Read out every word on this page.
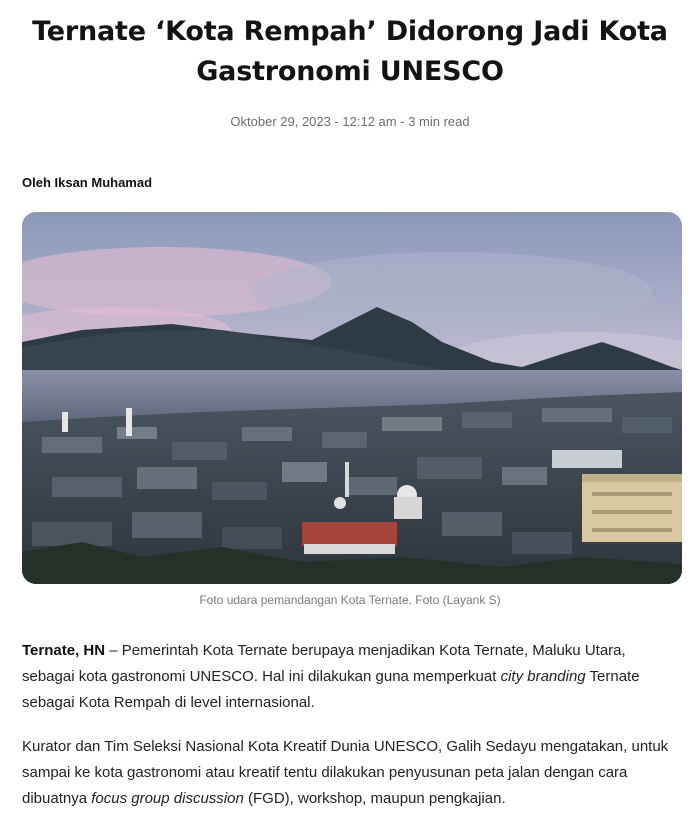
Ternate ‘Kota Rempah’ Didorong Jadi Kota Gastronomi UNESCO
Oktober 29, 2023 - 12:12 am - 3 min read
Oleh Iksan Muhamad
Foto udara pemandangan Kota Ternate. Foto (Layank S)

Ternate, HN – Pemerintah Kota Ternate berupaya menjadikan Kota Ternate, Maluku Utara, sebagai kota gastronomi UNESCO. Hal ini dilakukan guna memperkuat city branding Ternate sebagai Kota Rempah di level internasional.

Kurator dan Tim Seleksi Nasional Kota Kreatif Dunia UNESCO, Galih Sedayu mengatakan, untuk sampai ke kota gastronomi atau kreatif tentu dilakukan penyusunan peta jalan dengan cara dibuatnya focus group discussion (FGD), workshop, maupun pengkajian.
